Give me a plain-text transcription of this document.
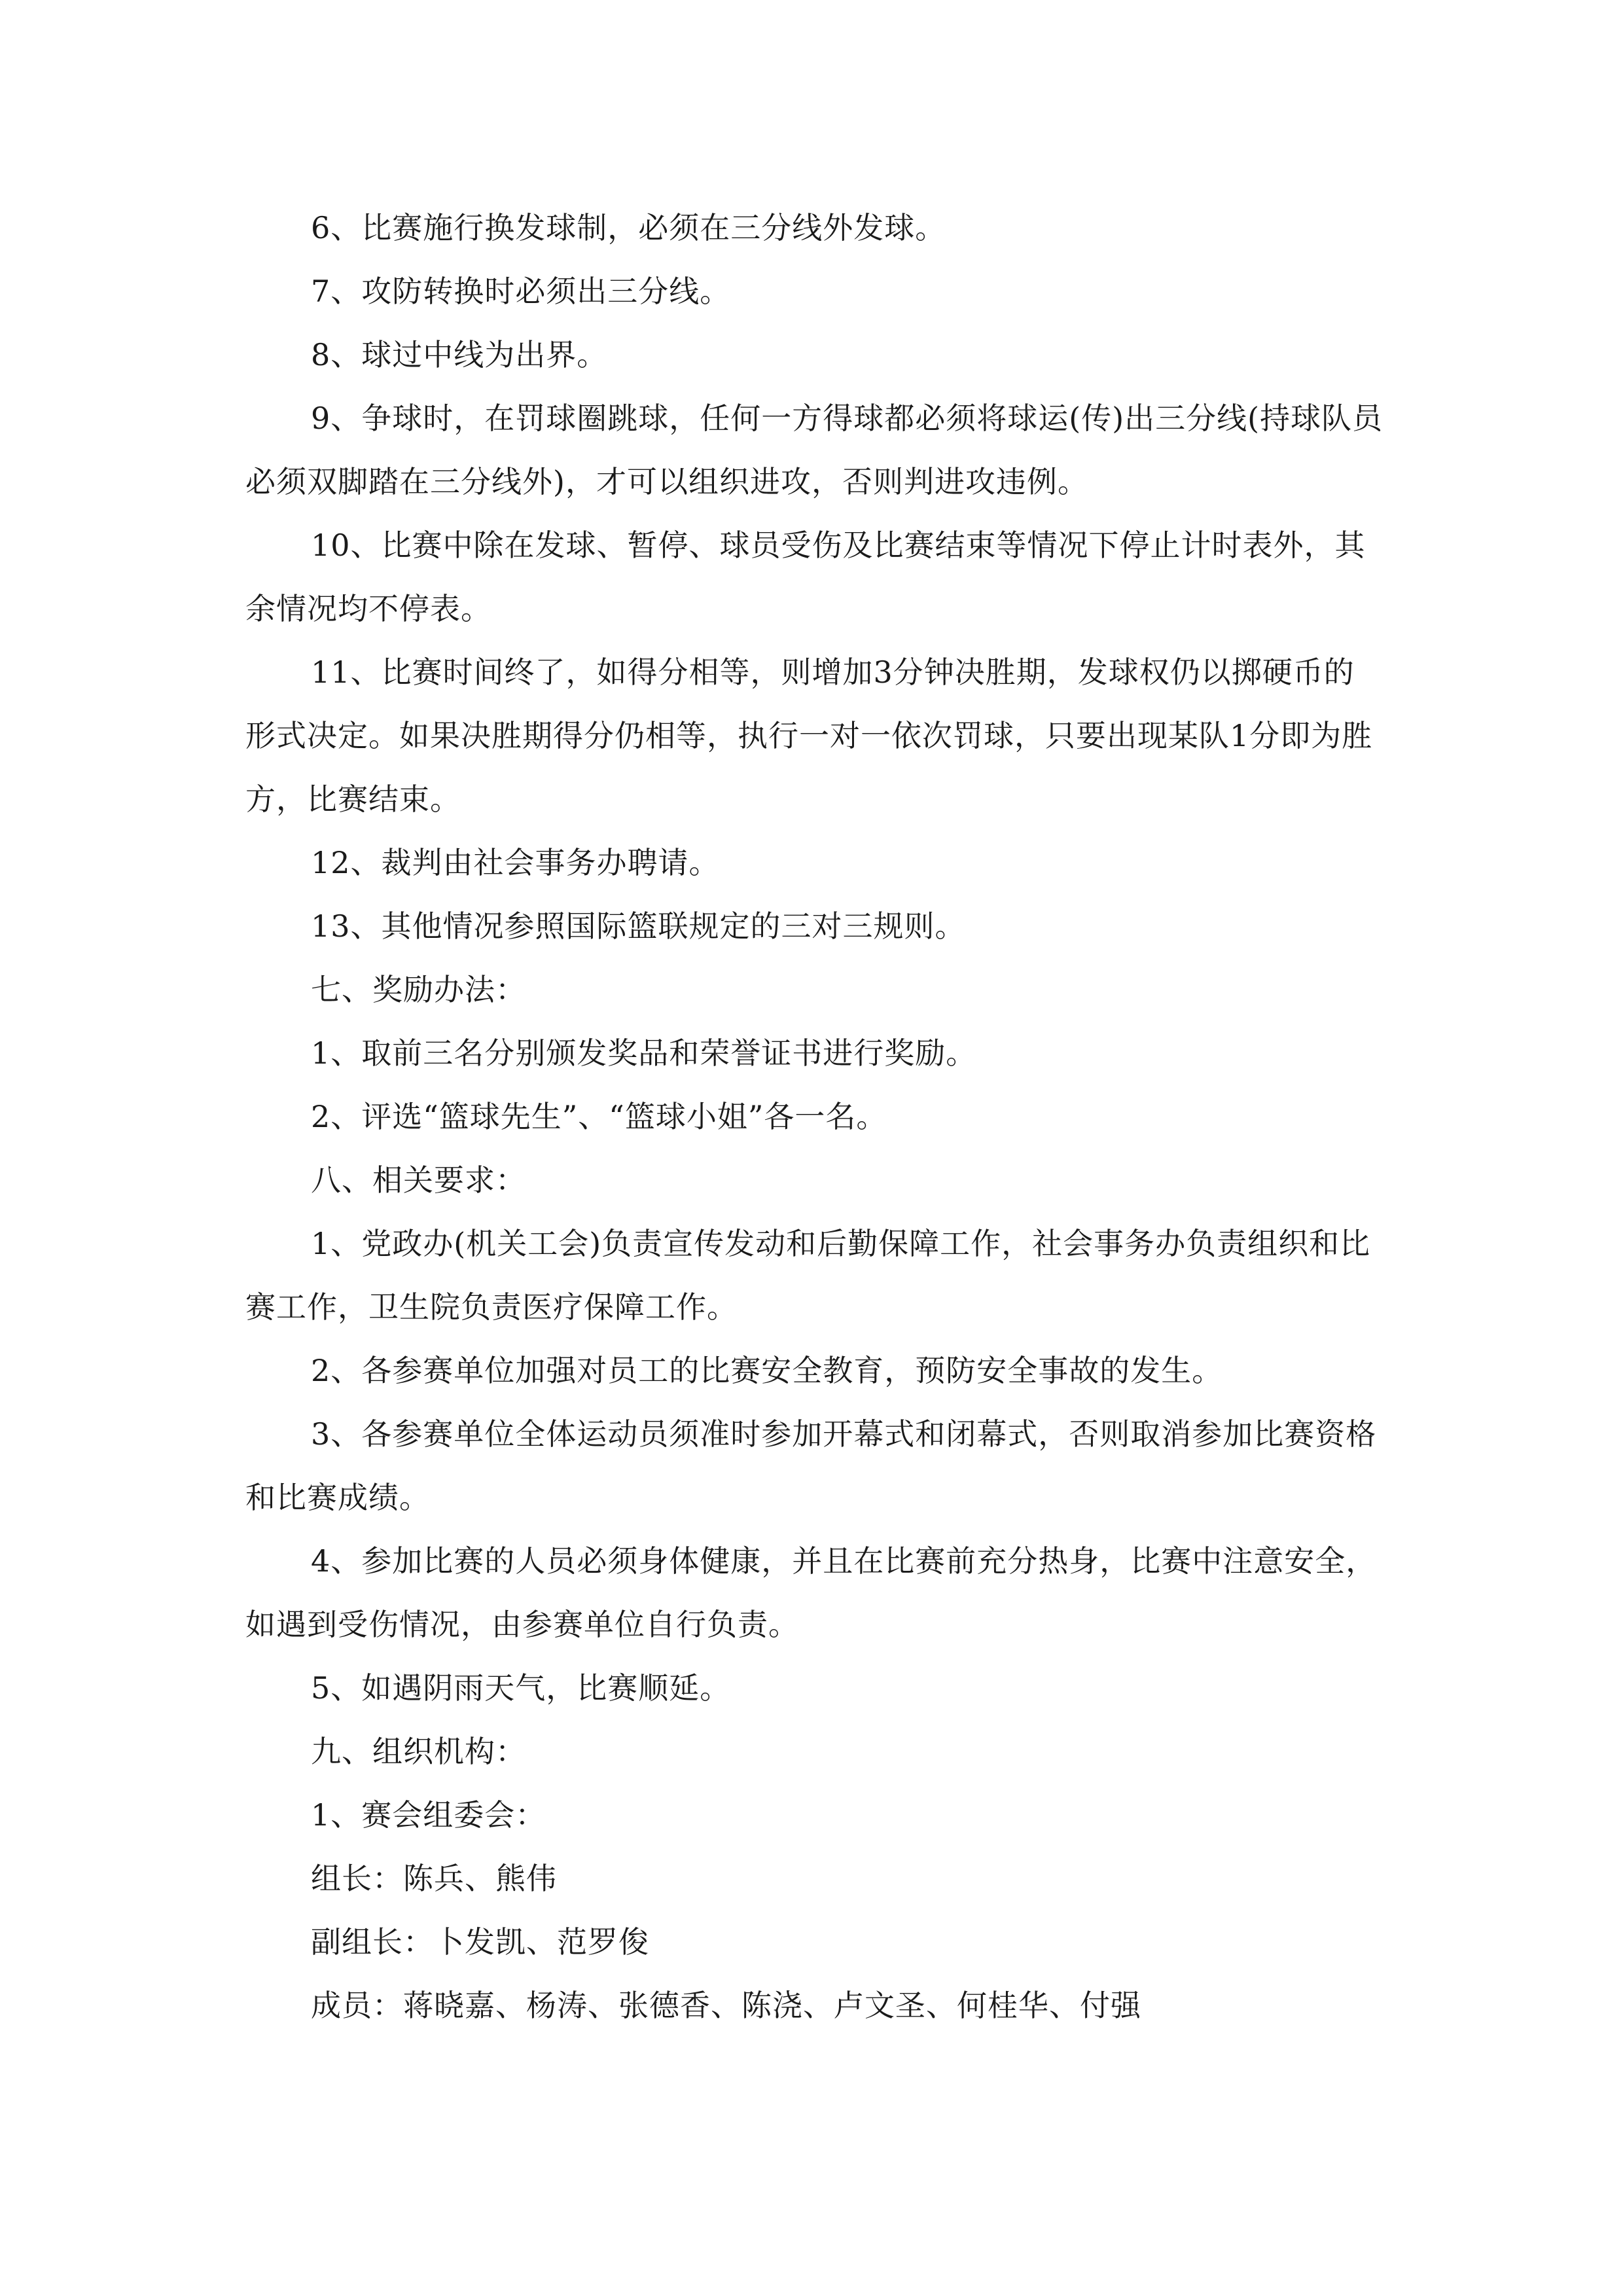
6、比赛施行换发球制，必须在三分线外发球。

7、攻防转换时必须出三分线。

8、球过中线为出界。

9、争球时，在罚球圈跳球，任何一方得球都必须将球运(传)出三分线(持球队员必须双脚踏在三分线外)，才可以组织进攻，否则判进攻违例。

10、比赛中除在发球、暂停、球员受伤及比赛结束等情况下停止计时表外，其余情况均不停表。

11、比赛时间终了，如得分相等，则增加3分钟决胜期，发球权仍以掷硬币的形式决定。如果决胜期得分仍相等，执行一对一依次罚球，只要出现某队1分即为胜方，比赛结束。

12、裁判由社会事务办聘请。

13、其他情况参照国际篮联规定的三对三规则。

七、奖励办法：

1、取前三名分别颁发奖品和荣誉证书进行奖励。

2、评选“篮球先生”、“篮球小姐”各一名。

八、相关要求：

1、党政办(机关工会)负责宣传发动和后勤保障工作，社会事务办负责组织和比赛工作，卫生院负责医疗保障工作。

2、各参赛单位加强对员工的比赛安全教育，预防安全事故的发生。

3、各参赛单位全体运动员须准时参加开幕式和闭幕式，否则取消参加比赛资格和比赛成绩。

4、参加比赛的人员必须身体健康，并且在比赛前充分热身，比赛中注意安全，如遇到受伤情况，由参赛单位自行负责。

5、如遇阴雨天气，比赛顺延。

九、组织机构：

1、赛会组委会：

组长：陈兵、熊伟

副组长：卜发凯、范罗俊

成员：蒋晓嘉、杨涛、张德香、陈浇、卢文圣、何桂华、付强
